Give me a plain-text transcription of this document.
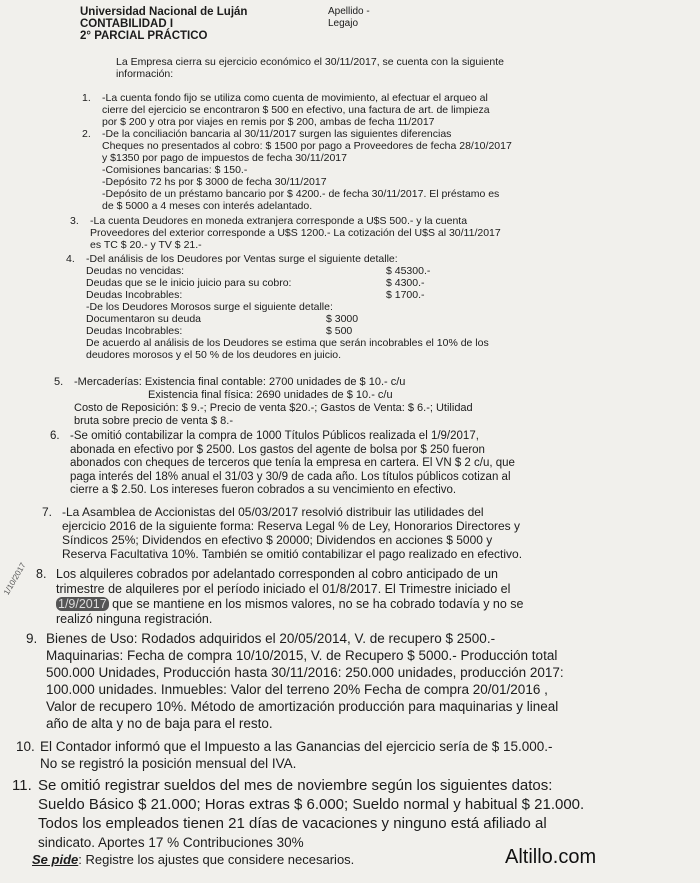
Universidad Nacional de Luján
CONTABILIDAD I
2° PARCIAL PRÁCTICO
Apellido -
Legajo
La Empresa cierra su ejercicio económico el 30/11/2017, se cuenta con la siguiente
información:
1. -La cuenta fondo fijo se utiliza como cuenta de movimiento, al efectuar el arqueo al
cierre del ejercicio se encontraron $ 500 en efectivo, una factura de art. de limpieza
por $ 200 y otra por viajes en remis por $ 200, ambas de fecha 11/2017
2. -De la conciliación bancaria al 30/11/2017 surgen las siguientes diferencias
Cheques no presentados al cobro: $ 1500 por pago a Proveedores de fecha 28/10/2017
y $1350 por pago de impuestos de fecha 30/11/2017
-Comisiones bancarias: $ 150.-
-Depósito 72 hs por $ 3000 de fecha 30/11/2017
-Depósito de un préstamo bancario por $ 4200.- de fecha 30/11/2017. El préstamo es
de $ 5000 a 4 meses con interés adelantado.
3. -La cuenta Deudores en moneda extranjera corresponde a U$S 500.- y la cuenta
Proveedores del exterior corresponde a U$S 1200.- La cotización del U$S al 30/11/2017
es TC $ 20.- y TV $ 21.-
4. -Del análisis de los Deudores por Ventas surge el siguiente detalle:
Deudas no vencidas:	$ 45300.-
Deudas que se le inicio juicio para su cobro:	$ 4300.-
Deudas Incobrables:	$ 1700.-
-De los Deudores Morosos surge el siguiente detalle:
Documentaron su deuda	$ 3000
Deudas Incobrables:	$ 500
De acuerdo al análisis de los Deudores se estima que serán incobrables el 10% de los
deudores morosos y el 50 % de los deudores en juicio.
5. -Mercaderías: Existencia final contable: 2700 unidades de $ 10.- c/u
Existencia final física: 2690 unidades de $ 10.- c/u
Costo de Reposición: $ 9.-; Precio de venta $20.-; Gastos de Venta: $ 6.-; Utilidad
bruta sobre precio de venta $ 8.-
6. -Se omitió contabilizar la compra de 1000 Títulos Públicos realizada el 1/9/2017,
abonada en efectivo por $ 2500. Los gastos del agente de bolsa por $ 250 fueron
abonados con cheques de terceros que tenía la empresa en cartera. El VN $ 2 c/u, que
paga interés del 18% anual el 31/03 y 30/9 de cada año. Los títulos públicos cotizan al
cierre a $ 2.50. Los intereses fueron cobrados a su vencimiento en efectivo.
7. -La Asamblea de Accionistas del 05/03/2017 resolvió distribuir las utilidades del
ejercicio 2016 de la siguiente forma: Reserva Legal % de Ley, Honorarios Directores y
Síndicos 25%; Dividendos en efectivo $ 20000; Dividendos en acciones $ 5000 y
Reserva Facultativa 10%. También se omitió contabilizar el pago realizado en efectivo.
1/10/2017 8. Los alquileres cobrados por adelantado corresponden al cobro anticipado de un
trimestre de alquileres por el período iniciado el 01/8/2017. El Trimestre iniciado el
1/9/2017 que se mantiene en los mismos valores, no se ha cobrado todavía y no se
realizó ninguna registración.
9. Bienes de Uso: Rodados adquiridos el 20/05/2014, V. de recupero $ 2500.-
Maquinarias: Fecha de compra 10/10/2015, V. de Recupero $ 5000.- Producción total
500.000 Unidades, Producción hasta 30/11/2016: 250.000 unidades, producción 2017:
100.000 unidades. Inmuebles: Valor del terreno 20% Fecha de compra 20/01/2016 ,
Valor de recupero 10%. Método de amortización producción para maquinarias y lineal
año de alta y no de baja para el resto.
10. El Contador informó que el Impuesto a las Ganancias del ejercicio sería de $ 15.000.-
No se registró la posición mensual del IVA.
11. Se omitió registrar sueldos del mes de noviembre según los siguientes datos:
Sueldo Básico $ 21.000; Horas extras $ 6.000; Sueldo normal y habitual $ 21.000.
Todos los empleados tienen 21 días de vacaciones y ninguno está afiliado al
sindicato. Aportes 17 % Contribuciones 30%
Se pide: Registre los ajustes que considere necesarios.	Altillo.com
